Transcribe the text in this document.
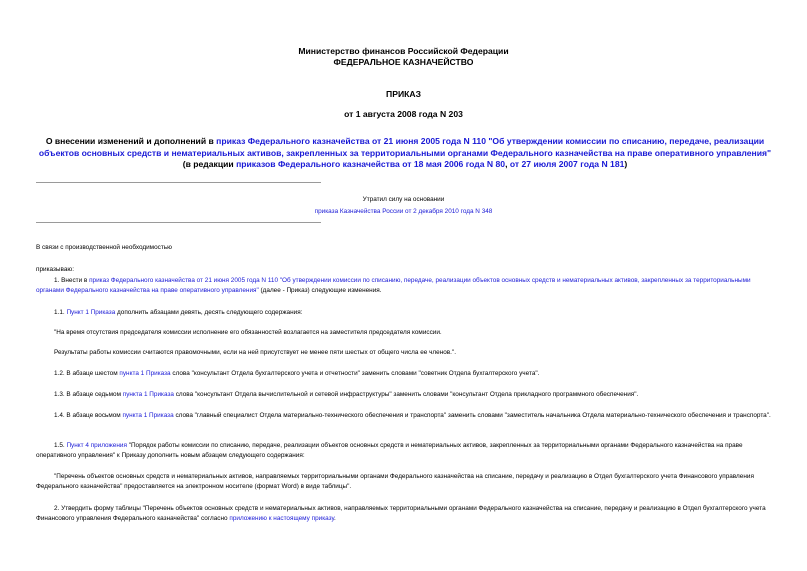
Министерство финансов Российской Федерации
ФЕДЕРАЛЬНОЕ КАЗНАЧЕЙСТВО
ПРИКАЗ
от 1 августа 2008 года N 203
О внесении изменений и дополнений в приказ Федерального казначейства от 21 июня 2005 года N 110 "Об утверждении комиссии по списанию, передаче, реализации объектов основных средств и нематериальных активов, закрепленных за территориальными органами Федерального казначейства на праве оперативного управления" (в редакции приказов Федерального казначейства от 18 мая 2006 года N 80, от 27 июля 2007 года N 181)
Утратил силу на основании
приказа Казначейства России от 2 декабря 2010 года N 348
В связи с производственной необходимостью
приказываю:
1. Внести в приказ Федерального казначейства от 21 июня 2005 года N 110 "Об утверждении комиссии по списанию, передаче, реализации объектов основных средств и нематериальных активов, закрепленных за территориальными органами Федерального казначейства на праве оперативного управления" (далее - Приказ) следующие изменения.
1.1. Пункт 1 Приказа дополнить абзацами девять, десять следующего содержания:
"На время отсутствия председателя комиссии исполнение его обязанностей возлагается на заместителя председателя комиссии.
Результаты работы комиссии считаются правомочными, если на ней присутствует не менее пяти шестых от общего числа ее членов.".
1.2. В абзаце шестом пункта 1 Приказа слова "консультант Отдела бухгалтерского учета и отчетности" заменить словами "советник Отдела бухгалтерского учета".
1.3. В абзаце седьмом пункта 1 Приказа слова "консультант Отдела вычислительной и сетевой инфраструктуры" заменить словами "консультант Отдела прикладного программного обеспечения".
1.4. В абзаце восьмом пункта 1 Приказа слова "главный специалист Отдела материально-технического обеспечения и транспорта" заменить словами "заместитель начальника Отдела материально-технического обеспечения и транспорта".
1.5. Пункт 4 приложения "Порядок работы комиссии по списанию, передаче, реализации объектов основных средств и нематериальных активов, закрепленных за территориальными органами Федерального казначейства на праве оперативного управления" к Приказу дополнить новым абзацем следующего содержания:
"Перечень объектов основных средств и нематериальных активов, направляемых территориальными органами Федерального казначейства на списание, передачу и реализацию в Отдел бухгалтерского учета Финансового управления Федерального казначейства" предоставляется на электронном носителе (формат Word) в виде таблицы".
2. Утвердить форму таблицы "Перечень объектов основных средств и нематериальных активов, направляемых территориальными органами Федерального казначейства на списание, передачу и реализацию в Отдел бухгалтерского учета Финансового управления Федерального казначейства" согласно приложению к настоящему приказу.
